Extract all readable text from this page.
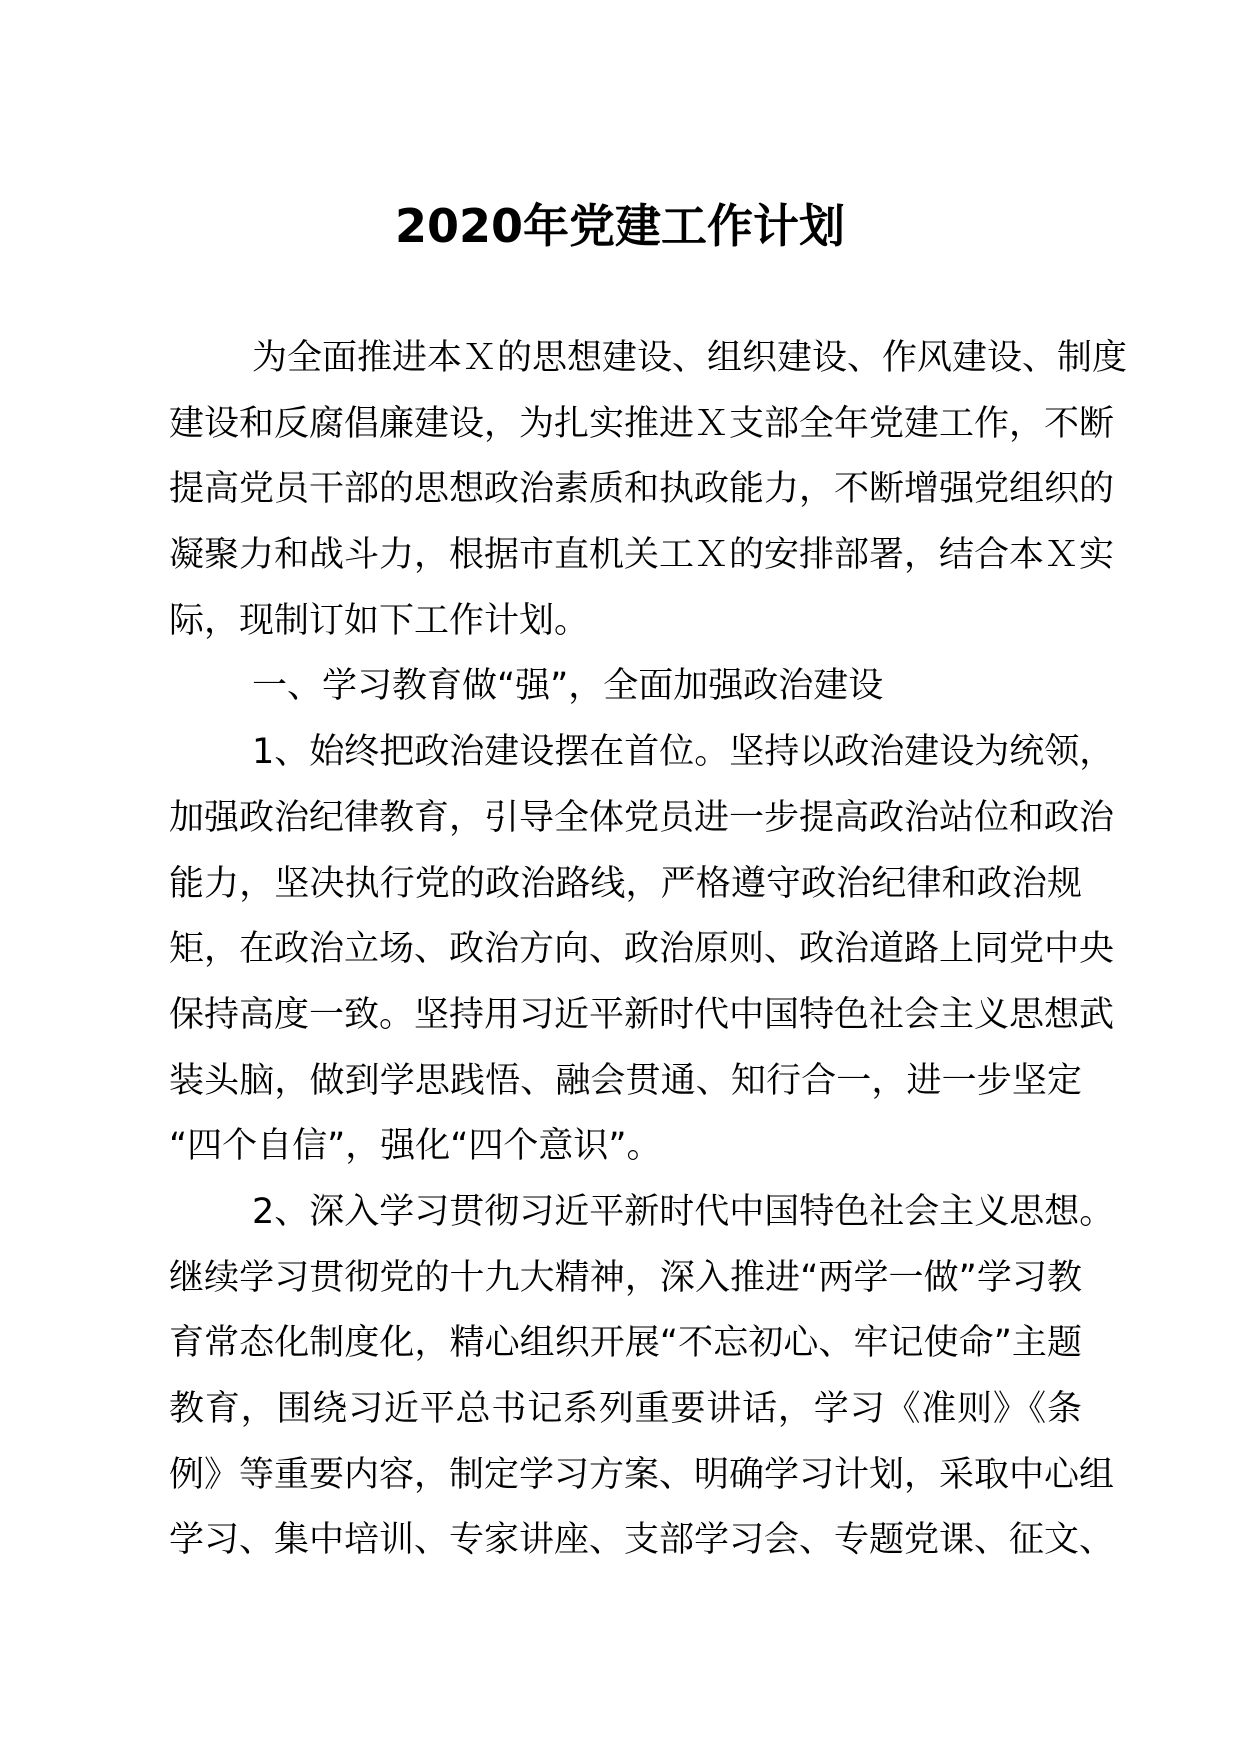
2020年党建工作计划
为全面推进本Ｘ的思想建设、组织建设、作风建设、制度
建设和反腐倡廉建设，为扎实推进Ｘ支部全年党建工作，不断
提高党员干部的思想政治素质和执政能力，不断增强党组织的
凝聚力和战斗力，根据市直机关工Ｘ的安排部署，结合本Ｘ实
际，现制订如下工作计划。
一、学习教育做“强”，全面加强政治建设
1、始终把政治建设摆在首位。坚持以政治建设为统领，
加强政治纪律教育，引导全体党员进一步提高政治站位和政治
能力，坚决执行党的政治路线，严格遵守政治纪律和政治规
矩，在政治立场、政治方向、政治原则、政治道路上同党中央
保持高度一致。坚持用习近平新时代中国特色社会主义思想武
装头脑，做到学思践悟、融会贯通、知行合一，进一步坚定
“四个自信”，强化“四个意识”。
2、深入学习贯彻习近平新时代中国特色社会主义思想。
继续学习贯彻党的十九大精神，深入推进“两学一做”学习教
育常态化制度化，精心组织开展“不忘初心、牢记使命”主题
教育，围绕习近平总书记系列重要讲话，学习《准则》《条
例》等重要内容，制定学习方案、明确学习计划，采取中心组
学习、集中培训、专家讲座、支部学习会、专题党课、征文、
